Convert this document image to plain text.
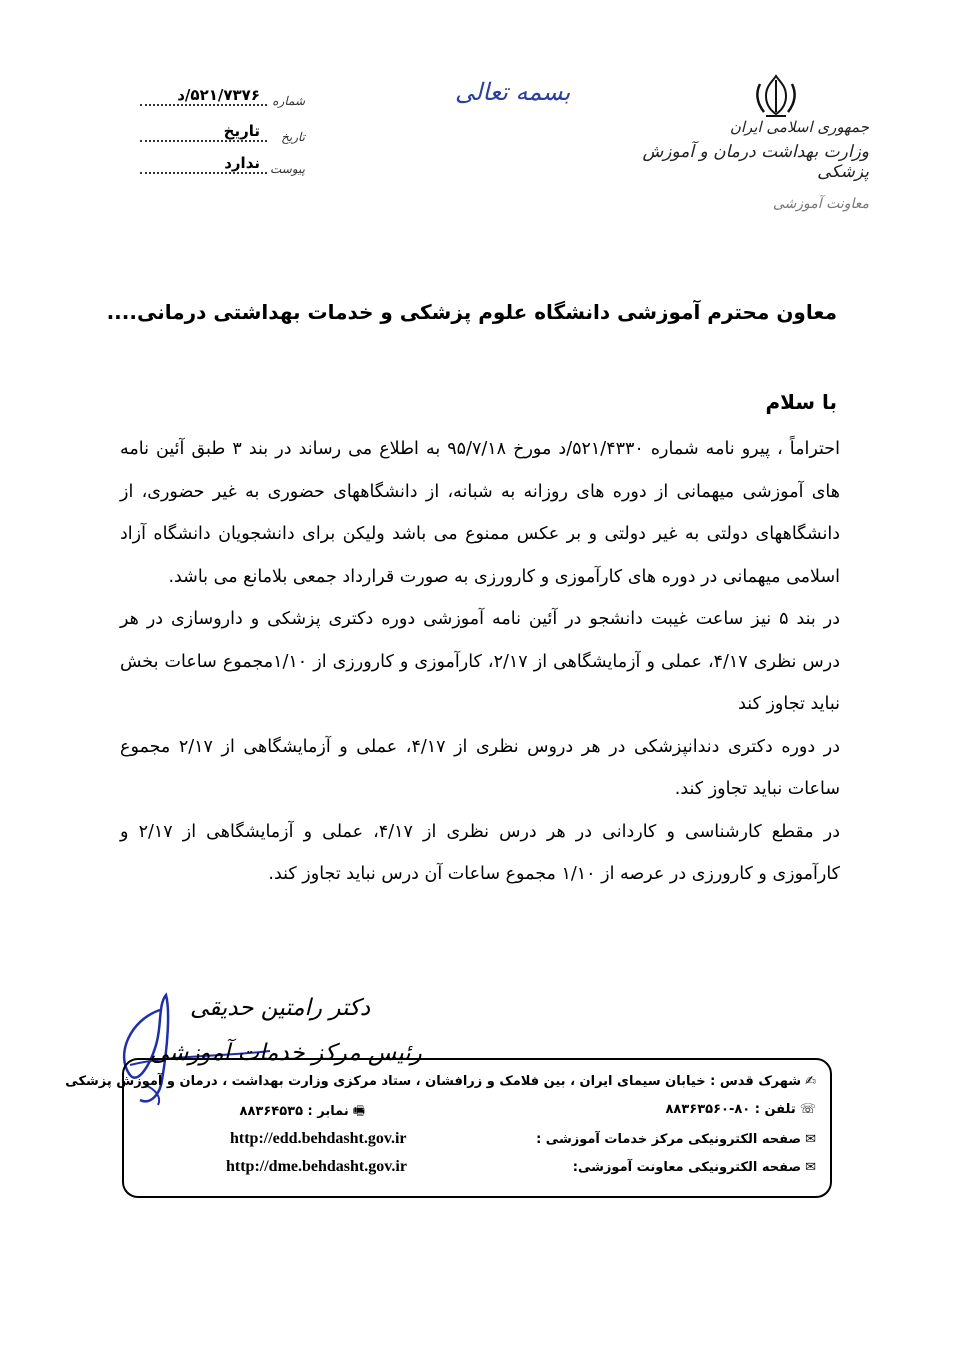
جمهوری اسلامی ایران
وزارت بهداشت درمان و آموزش پزشکی
معاونت آموزشی
بسمه تعالی
شماره
۵۲۱/۷۳۷۶/د
تاریخ
تاریخ
پیوست
ندارد
معاون محترم آموزشی دانشگاه علوم پزشکی و خدمات بهداشتی درمانی....
با سلام

احتراماً ، پیرو نامه شماره ۵۲۱/۴۳۳۰/د مورخ ۹۵/۷/۱۸ به اطلاع می رساند در بند ۳ طبق آئین نامه های آموزشی میهمانی از دوره های روزانه به شبانه، از دانشگاههای حضوری به غیر حضوری، از دانشگاههای دولتی به غیر دولتی و بر عکس ممنوع می باشد ولیکن برای دانشجویان دانشگاه آزاد اسلامی میهمانی در دوره های کارآموزی و کارورزی به صورت قرارداد جمعی بلامانع می باشد.

در بند ۵ نیز ساعت غیبت دانشجو در آئین نامه آموزشی دوره دکتری پزشکی و داروسازی در هر درس نظری ۴/۱۷، عملی و آزمایشگاهی از ۲/۱۷، کارآموزی و کارورزی از ۱/۱۰مجموع ساعات بخش نباید تجاوز کند

در دوره دکتری دندانپزشکی در هر دروس نظری از ۴/۱۷، عملی و آزمایشگاهی از ۲/۱۷ مجموع ساعات نباید تجاوز کند.

در مقطع کارشناسی و کاردانی در هر درس نظری از ۴/۱۷، عملی و آزمایشگاهی از ۲/۱۷ و کارآموزی و کارورزی در عرصه از ۱/۱۰ مجموع ساعات آن درس نباید تجاوز کند.

دکتر رامتین حدیقی
رئیس مرکز خدمات آموزشی
✍شهرک قدس : خیابان سیمای ایران ، بین فلامک و زرافشان ، ستاد مرکزی وزارت بهداشت ، درمان و آموزش پزشکی
☏تلفن : ۸۰-۸۸۳۶۳۵۶۰
🖷نمابر : ۸۸۳۶۴۵۳۵
✉صفحه الکترونیکی مرکز خدمات آموزشی :
http://edd.behdasht.gov.ir
✉صفحه الکترونیکی معاونت آموزشی:
http://dme.behdasht.gov.ir
